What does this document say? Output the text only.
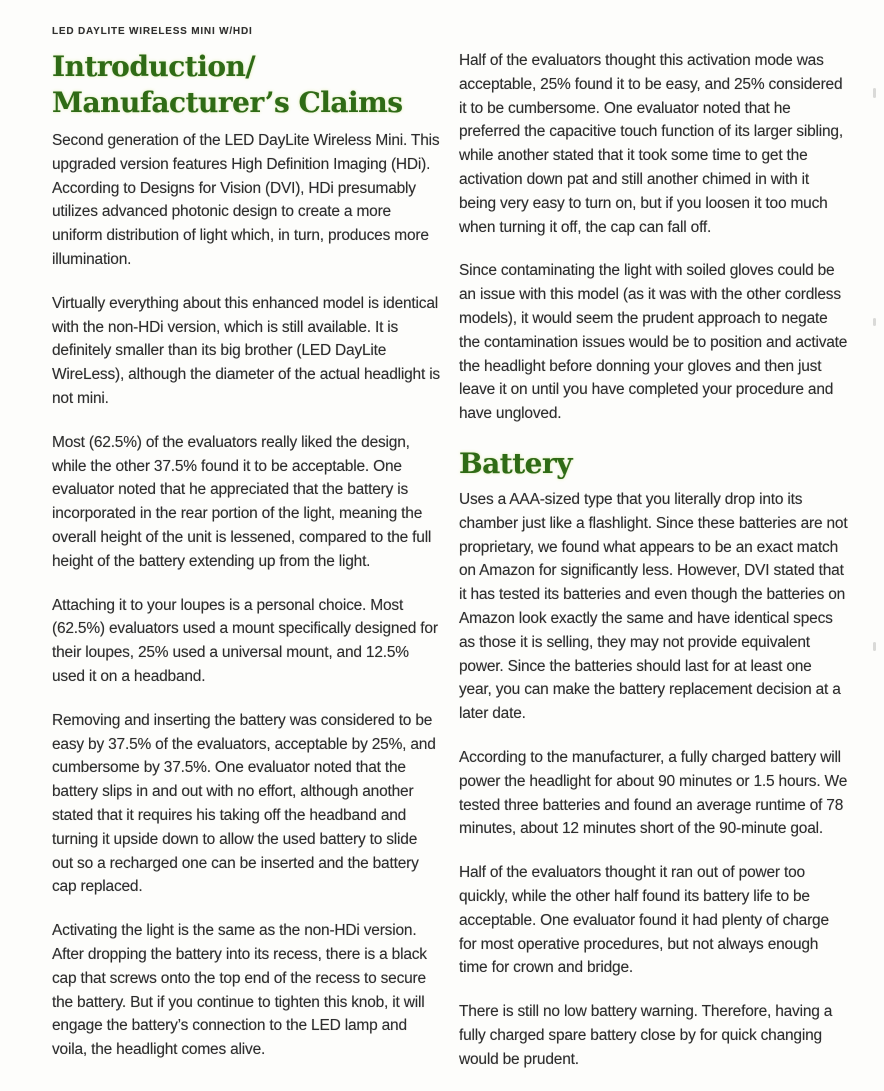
LED DAYLITE WIRELESS MINI W/HDI
Introduction/
Manufacturer’s Claims

Second generation of the LED DayLite Wireless Mini. This upgraded version features High Definition Imaging (HDi). According to Designs for Vision (DVI), HDi presumably utilizes advanced photonic design to create a more uniform distribution of light which, in turn, produces more illumination.

Virtually everything about this enhanced model is identical with the non-HDi version, which is still available. It is definitely smaller than its big brother (LED DayLite WireLess), although the diameter of the actual headlight is not mini.

Most (62.5%) of the evaluators really liked the design, while the other 37.5% found it to be acceptable. One evaluator noted that he appreciated that the battery is incorporated in the rear portion of the light, meaning the overall height of the unit is lessened, compared to the full height of the battery extending up from the light.

Attaching it to your loupes is a personal choice. Most (62.5%) evaluators used a mount specifically designed for their loupes, 25% used a universal mount, and 12.5% used it on a headband.

Removing and inserting the battery was considered to be easy by 37.5% of the evaluators, acceptable by 25%, and cumbersome by 37.5%. One evaluator noted that the battery slips in and out with no effort, although another stated that it requires his taking off the headband and turning it upside down to allow the used battery to slide out so a recharged one can be inserted and the battery cap replaced.

Activating the light is the same as the non-HDi version. After dropping the battery into its recess, there is a black cap that screws onto the top end of the recess to secure the battery. But if you continue to tighten this knob, it will engage the battery’s connection to the LED lamp and voila, the headlight comes alive.

Half of the evaluators thought this activation mode was acceptable, 25% found it to be easy, and 25% considered it to be cumbersome. One evaluator noted that he preferred the capacitive touch function of its larger sibling, while another stated that it took some time to get the activation down pat and still another chimed in with it being very easy to turn on, but if you loosen it too much when turning it off, the cap can fall off.

Since contaminating the light with soiled gloves could be an issue with this model (as it was with the other cordless models), it would seem the prudent approach to negate the contamination issues would be to position and activate the headlight before donning your gloves and then just leave it on until you have completed your procedure and have ungloved.

Battery

Uses a AAA-sized type that you literally drop into its chamber just like a flashlight. Since these batteries are not proprietary, we found what appears to be an exact match on Amazon for significantly less. However, DVI stated that it has tested its batteries and even though the batteries on Amazon look exactly the same and have identical specs as those it is selling, they may not provide equivalent power. Since the batteries should last for at least one year, you can make the battery replacement decision at a later date.

According to the manufacturer, a fully charged battery will power the headlight for about 90 minutes or 1.5 hours. We tested three batteries and found an average runtime of 78 minutes, about 12 minutes short of the 90-minute goal.

Half of the evaluators thought it ran out of power too quickly, while the other half found its battery life to be acceptable. One evaluator found it had plenty of charge for most operative procedures, but not always enough time for crown and bridge.

There is still no low battery warning. Therefore, having a fully charged spare battery close by for quick changing would be prudent.
